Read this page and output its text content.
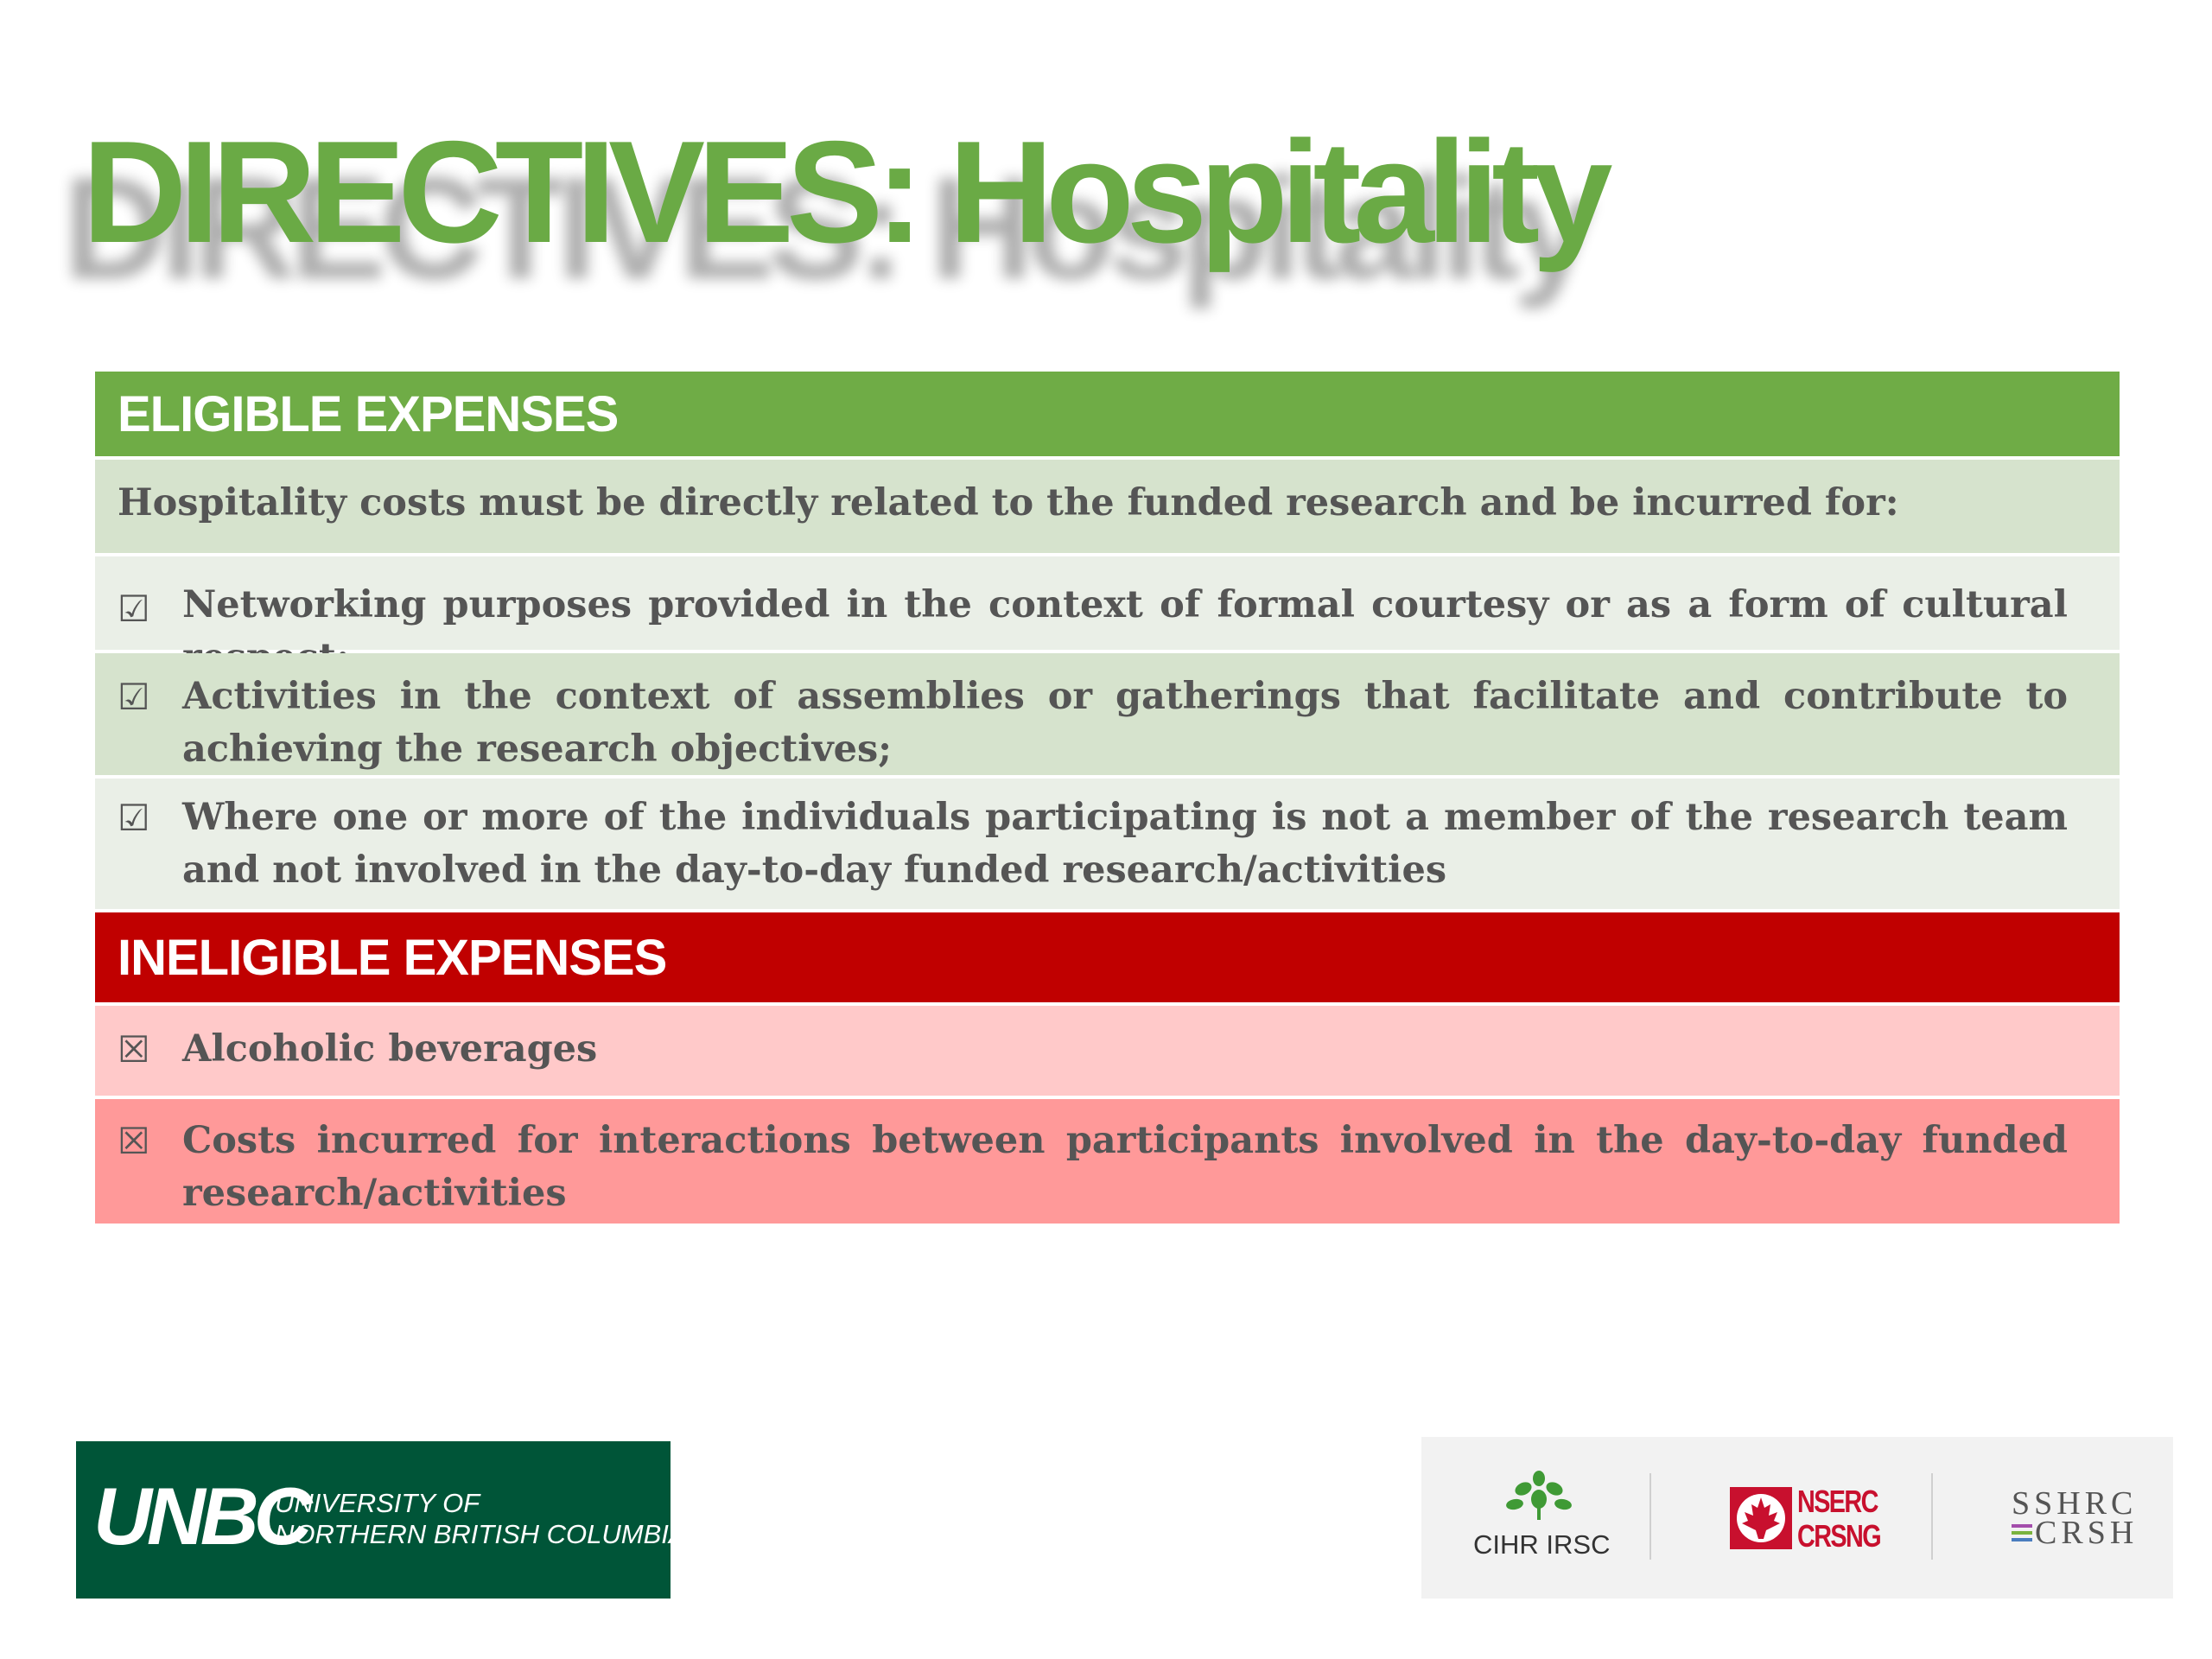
DIRECTIVES: Hospitality
ELIGIBLE EXPENSES
Hospitality costs must be directly related to the funded research and be incurred for:
☑ Networking purposes provided in the context of formal courtesy or as a form of cultural
☑ Activities in the context of assemblies or gatherings that facilitate and contribute to achieving the research objectives;
☑ Where one or more of the individuals participating is not a member of the research team and not involved in the day-to-day funded research/activities
INELIGIBLE EXPENSES
☒ Alcoholic beverages
☒ Costs incurred for interactions between participants involved in the day-to-day funded research/activities
UNBC
UNIVERSITY OF
NORTHERN BRITISH COLUMBIA	CIHR IRSC
NSERC
CRSNG
SSHRC
CRSH
